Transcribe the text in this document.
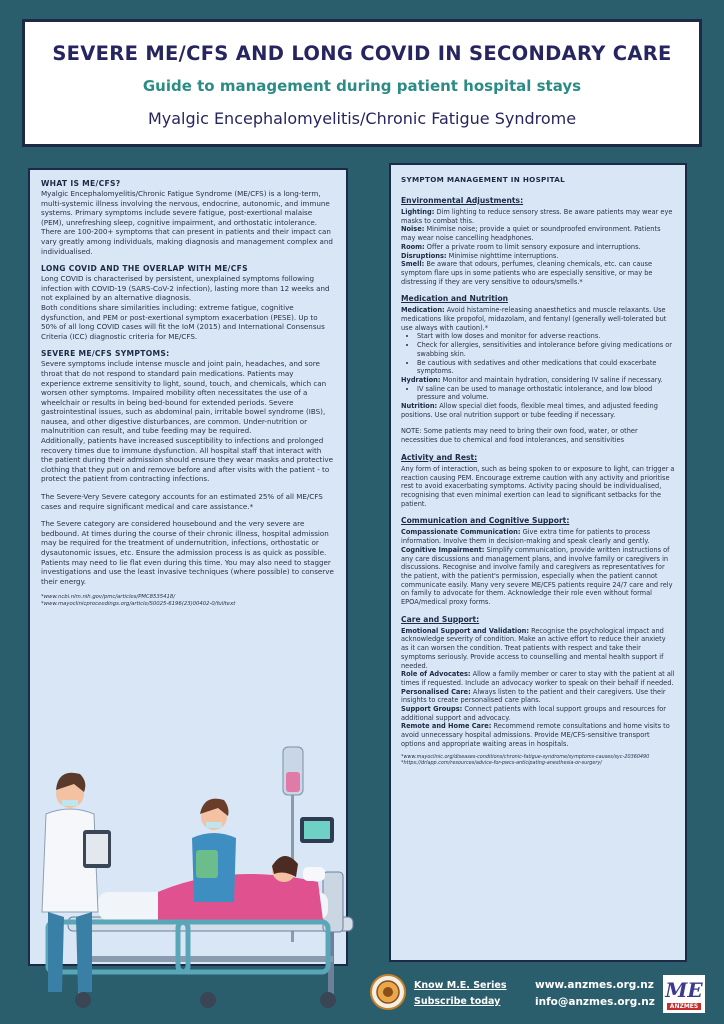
SEVERE ME/CFS AND LONG COVID IN SECONDARY CARE
Guide to management during patient hospital stays
Myalgic Encephalomyelitis/Chronic Fatigue Syndrome
WHAT IS ME/CFS?

Myalgic Encephalomyelitis/Chronic Fatigue Syndrome (ME/CFS) is a long-term, multi-systemic illness involving the nervous, endocrine, autonomic, and immune systems. Primary symptoms include severe fatigue, post-exertional malaise (PEM), unrefreshing sleep, cognitive impairment, and orthostatic intolerance. There are 100-200+ symptoms that can present in patients and their impact can vary greatly among individuals, making diagnosis and management complex and individualised.

LONG COVID AND THE OVERLAP WITH ME/CFS

Long COVID is characterised by persistent, unexplained symptoms following infection with COVID-19 (SARS-CoV-2 infection), lasting more than 12 weeks and not explained by an alternative diagnosis.

Both conditions share similarities including: extreme fatigue, cognitive dysfunction, and PEM or post-exertional symptom exacerbation (PESE). Up to 50% of all long COVID cases will fit the IoM (2015) and International Consensus Criteria (ICC) diagnostic criteria for ME/CFS.

SEVERE ME/CFS SYMPTOMS:

Severe symptoms include intense muscle and joint pain, headaches, and sore throat that do not respond to standard pain medications. Patients may experience extreme sensitivity to light, sound, touch, and chemicals, which can worsen other symptoms. Impaired mobility often necessitates the use of a wheelchair or results in being bed-bound for extended periods. Severe gastrointestinal issues, such as abdominal pain, irritable bowel syndrome (IBS), nausea, and other digestive disturbances, are common. Under-nutrition or malnutrition can result, and tube feeding may be required.

Additionally, patients have increased susceptibility to infections and prolonged recovery times due to immune dysfunction. All hospital staff that interact with the patient during their admission should ensure they wear masks and protective clothing that they put on and remove before and after visits with the patient - to protect the patient from contracting infections.

The Severe-Very Severe category accounts for an estimated 25% of all ME/CFS cases and require significant medical and care assistance.*

The Severe category are considered housebound and the very severe are bedbound. At times during the course of their chronic illness, hospital admission may be required for the treatment of undernutrition, infections, orthostatic or dysautonomic issues, etc. Ensure the admission process is as quick as possible. Patients may need to lie flat even during this time. You may also need to stagger investigations and use the least invasive techniques (where possible) to conserve their energy.

*www.ncbi.nlm.nih.gov/pmc/articles/PMC8535418/
*www.mayoclinicproceedings.org/article/S0025-6196(23)00402-0/fulltext
SYMPTOM MANAGEMENT IN HOSPITAL
Environmental Adjustments:

Lighting: Dim lighting to reduce sensory stress. Be aware patients may wear eye masks to combat this.

Noise: Minimise noise; provide a quiet or soundproofed environment. Patients may wear noise cancelling headphones.

Room: Offer a private room to limit sensory exposure and interruptions.

Disruptions: Minimise nighttime interruptions.

Smell: Be aware that odours, perfumes, cleaning chemicals, etc. can cause symptom flare ups in some patients who are especially sensitive, or may be distressing if they are very sensitive to odours/smells.*

Medication and Nutrition

Medication: Avoid histamine-releasing anaesthetics and muscle relaxants. Use medications like propofol, midazolam, and fentanyl (generally well-tolerated but use always with caution).*

• Start with low doses and monitor for adverse reactions.
• Check for allergies, sensitivities and intolerance before giving medications or swabbing skin.
• Be cautious with sedatives and other medications that could exacerbate symptoms.

Hydration: Monitor and maintain hydration, considering IV saline if necessary.

• IV saline can be used to manage orthostatic intolerance, and low blood pressure and volume.

Nutrition: Allow special diet foods, flexible meal times, and adjusted feeding positions. Use oral nutrition support or tube feeding if necessary.

NOTE: Some patients may need to bring their own food, water, or other necessities due to chemical and food intolerances, and sensitivities

Activity and Rest:

Any form of interaction, such as being spoken to or exposure to light, can trigger a reaction causing PEM. Encourage extreme caution with any activity and prioritise rest to avoid exacerbating symptoms. Activity pacing should be individualised, recognising that even minimal exertion can lead to significant setbacks for the patient.

Communication and Cognitive Support:

Compassionate Communication: Give extra time for patients to process information. Involve them in decision-making and speak clearly and gently.

Cognitive Impairment: Simplify communication, provide written instructions of any care discussions and management plans, and involve family or caregivers in discussions. Recognise and involve family and caregivers as representatives for the patient, with the patient's permission, especially when the patient cannot communicate easily. Many very severe ME/CFS patients require 24/7 care and rely on family to advocate for them. Acknowledge their role even without formal EPOA/medical proxy forms.

Care and Support:

Emotional Support and Validation: Recognise the psychological impact and acknowledge severity of condition. Make an active effort to reduce their anxiety as it can worsen the condition. Treat patients with respect and take their symptoms seriously. Provide access to counselling and mental health support if needed.

Role of Advocates: Allow a family member or carer to stay with the patient at all times if requested. Include an advocacy worker to speak on their behalf if needed.

Personalised Care: Always listen to the patient and their caregivers. Use their insights to create personalised care plans.

Support Groups: Connect patients with local support groups and resources for additional support and advocacy.

Remote and Home Care: Recommend remote consultations and home visits to avoid unnecessary hospital admissions. Provide ME/CFS-sensitive transport options and appropriate waiting areas in hospitals.

*www.mayoclinic.org/diseases-conditions/chronic-fatigue-syndrome/symptoms-causes/syc-20360490
*https://drlapp.com/resources/advice-for-pwcs-anticipating-anesthesia-or-surgery/
Know M.E. Series
Subscribe today
www.anzmes.org.nz
info@anzmes.org.nz ME
ANZMES
